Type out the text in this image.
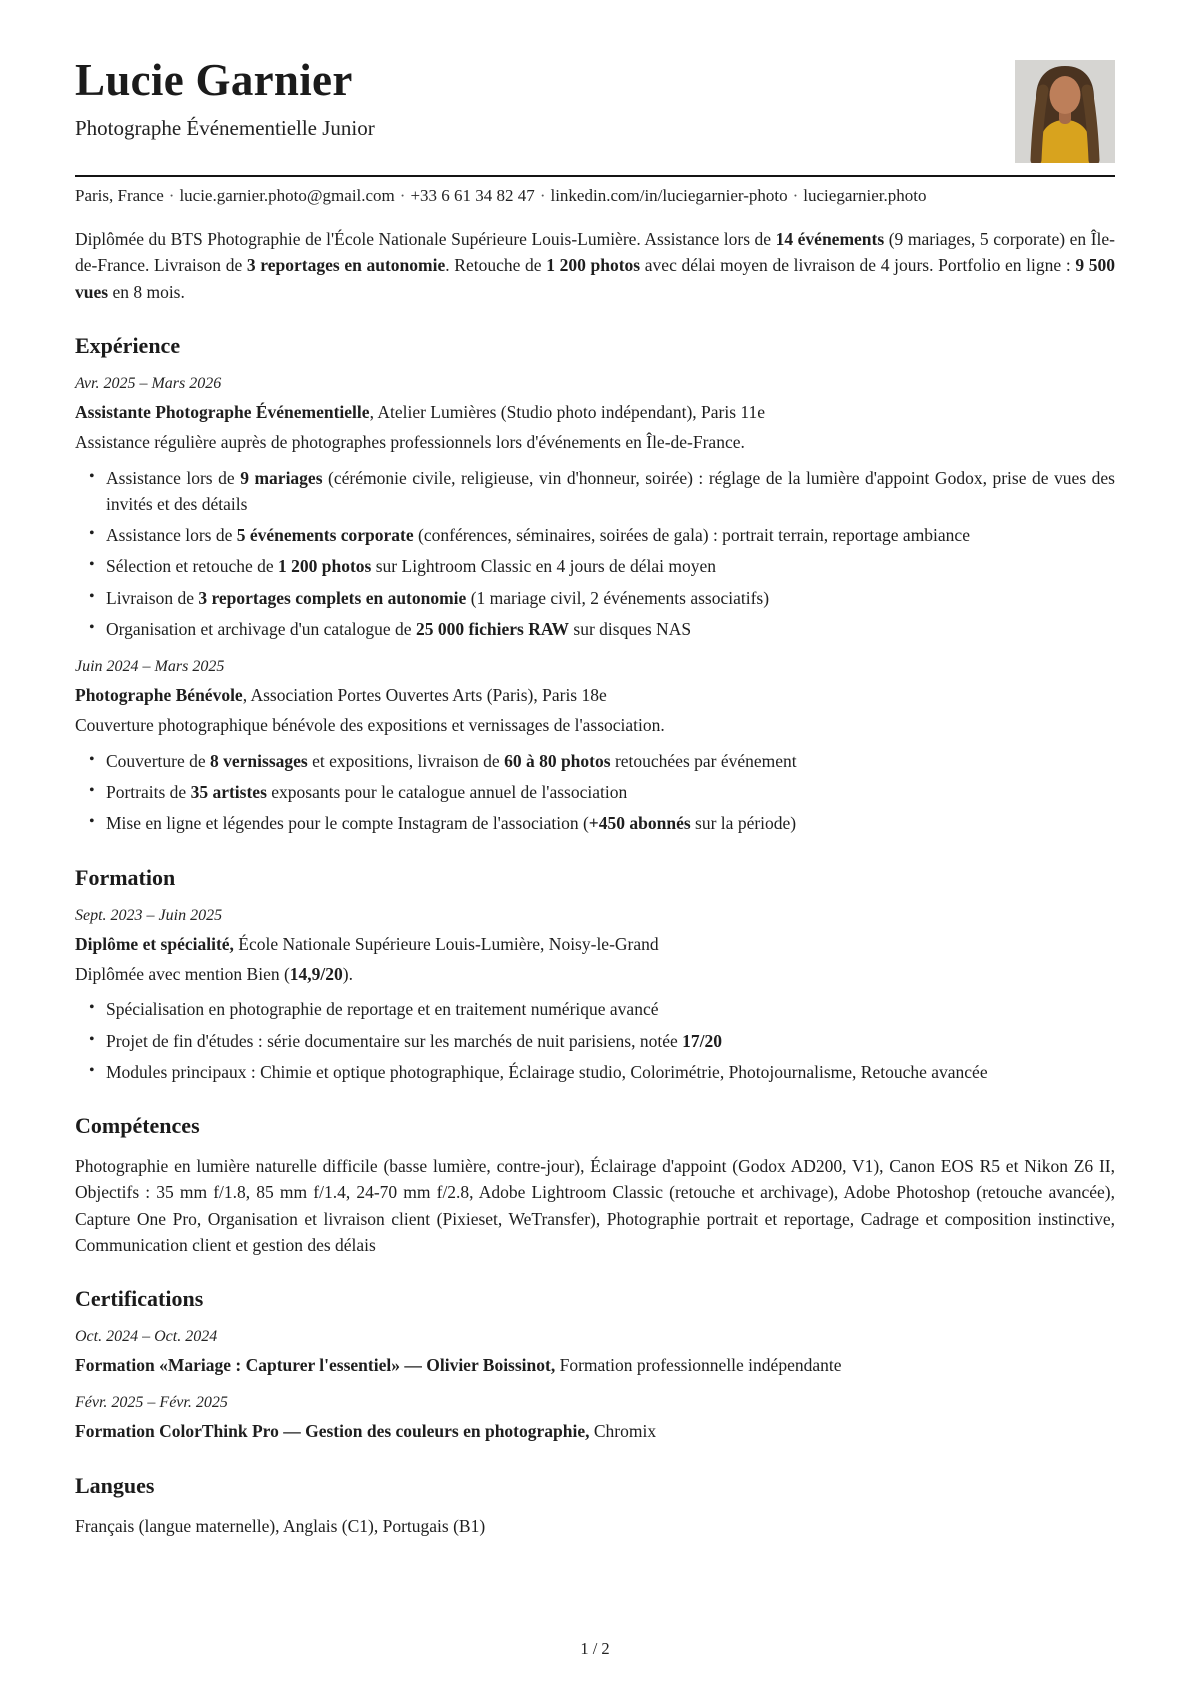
Lucie Garnier
Photographe Événementielle Junior
Paris, France · lucie.garnier.photo@gmail.com · +33 6 61 34 82 47 · linkedin.com/in/luciegarnier-photo · luciegarnier.photo

Diplômée du BTS Photographie de l'École Nationale Supérieure Louis-Lumière. Assistance lors de 14 événements (9 mariages, 5 corporate) en Île-de-France. Livraison de 3 reportages en autonomie. Retouche de 1 200 photos avec délai moyen de livraison de 4 jours. Portfolio en ligne : 9 500 vues en 8 mois.

Expérience
Avr. 2025 – Mars 2026
Assistante Photographe Événementielle, Atelier Lumières (Studio photo indépendant), Paris 11e

Assistance régulière auprès de photographes professionnels lors d'événements en Île-de-France.

• Assistance lors de 9 mariages (cérémonie civile, religieuse, vin d'honneur, soirée) : réglage de la lumière d'appoint Godox, prise de vues des invités et des détails
• Assistance lors de 5 événements corporate (conférences, séminaires, soirées de gala) : portrait terrain, reportage ambiance
• Sélection et retouche de 1 200 photos sur Lightroom Classic en 4 jours de délai moyen
• Livraison de 3 reportages complets en autonomie (1 mariage civil, 2 événements associatifs)
• Organisation et archivage d'un catalogue de 25 000 fichiers RAW sur disques NAS
Juin 2024 – Mars 2025
Photographe Bénévole, Association Portes Ouvertes Arts (Paris), Paris 18e

Couverture photographique bénévole des expositions et vernissages de l'association.

• Couverture de 8 vernissages et expositions, livraison de 60 à 80 photos retouchées par événement
• Portraits de 35 artistes exposants pour le catalogue annuel de l'association
• Mise en ligne et légendes pour le compte Instagram de l'association (+450 abonnés sur la période)
Formation
Sept. 2023 – Juin 2025
Diplôme et spécialité, École Nationale Supérieure Louis-Lumière, Noisy-le-Grand

Diplômée avec mention Bien (14,9/20).

• Spécialisation en photographie de reportage et en traitement numérique avancé
• Projet de fin d'études : série documentaire sur les marchés de nuit parisiens, notée 17/20
• Modules principaux : Chimie et optique photographique, Éclairage studio, Colorimétrie, Photojournalisme, Retouche avancée
Compétences

Photographie en lumière naturelle difficile (basse lumière, contre-jour), Éclairage d'appoint (Godox AD200, V1), Canon EOS R5 et Nikon Z6 II, Objectifs : 35 mm f/1.8, 85 mm f/1.4, 24-70 mm f/2.8, Adobe Lightroom Classic (retouche et archivage), Adobe Photoshop (retouche avancée), Capture One Pro, Organisation et livraison client (Pixieset, WeTransfer), Photographie portrait et reportage, Cadrage et composition instinctive, Communication client et gestion des délais

Certifications
Oct. 2024 – Oct. 2024
Formation «Mariage : Capturer l'essentiel» — Olivier Boissinot, Formation professionnelle indépendante
Févr. 2025 – Févr. 2025
Formation ColorThink Pro — Gestion des couleurs en photographie, Chromix
Langues

Français (langue maternelle), Anglais (C1), Portugais (B1)

1 / 2
